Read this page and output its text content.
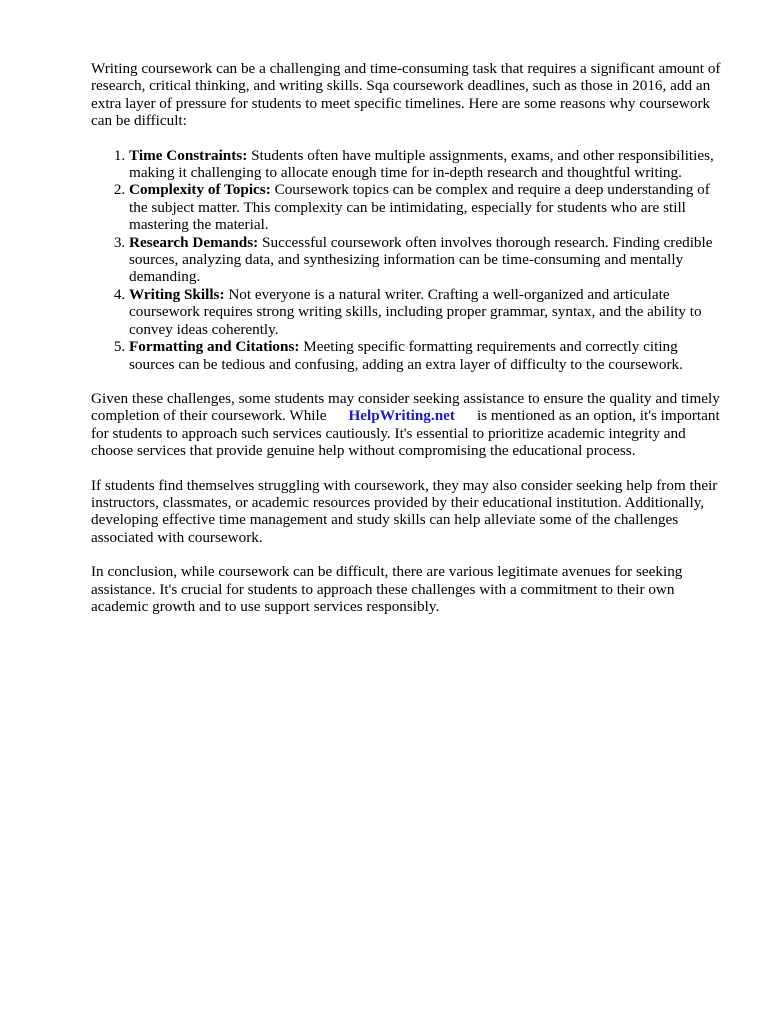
Writing coursework can be a challenging and time-consuming task that requires a significant amount of research, critical thinking, and writing skills. Sqa coursework deadlines, such as those in 2016, add an extra layer of pressure for students to meet specific timelines. Here are some reasons why coursework can be difficult:

1. Time Constraints: Students often have multiple assignments, exams, and other responsibilities, making it challenging to allocate enough time for in-depth research and thoughtful writing.
2. Complexity of Topics: Coursework topics can be complex and require a deep understanding of the subject matter. This complexity can be intimidating, especially for students who are still mastering the material.
3. Research Demands: Successful coursework often involves thorough research. Finding credible sources, analyzing data, and synthesizing information can be time-consuming and mentally demanding.
4. Writing Skills: Not everyone is a natural writer. Crafting a well-organized and articulate coursework requires strong writing skills, including proper grammar, syntax, and the ability to convey ideas coherently.
5. Formatting and Citations: Meeting specific formatting requirements and correctly citing sources can be tedious and confusing, adding an extra layer of difficulty to the coursework.

Given these challenges, some students may consider seeking assistance to ensure the quality and timely completion of their coursework. While HelpWriting.net is mentioned as an option, it's important for students to approach such services cautiously. It's essential to prioritize academic integrity and choose services that provide genuine help without compromising the educational process.

If students find themselves struggling with coursework, they may also consider seeking help from their instructors, classmates, or academic resources provided by their educational institution. Additionally, developing effective time management and study skills can help alleviate some of the challenges associated with coursework.

In conclusion, while coursework can be difficult, there are various legitimate avenues for seeking assistance. It's crucial for students to approach these challenges with a commitment to their own academic growth and to use support services responsibly.
